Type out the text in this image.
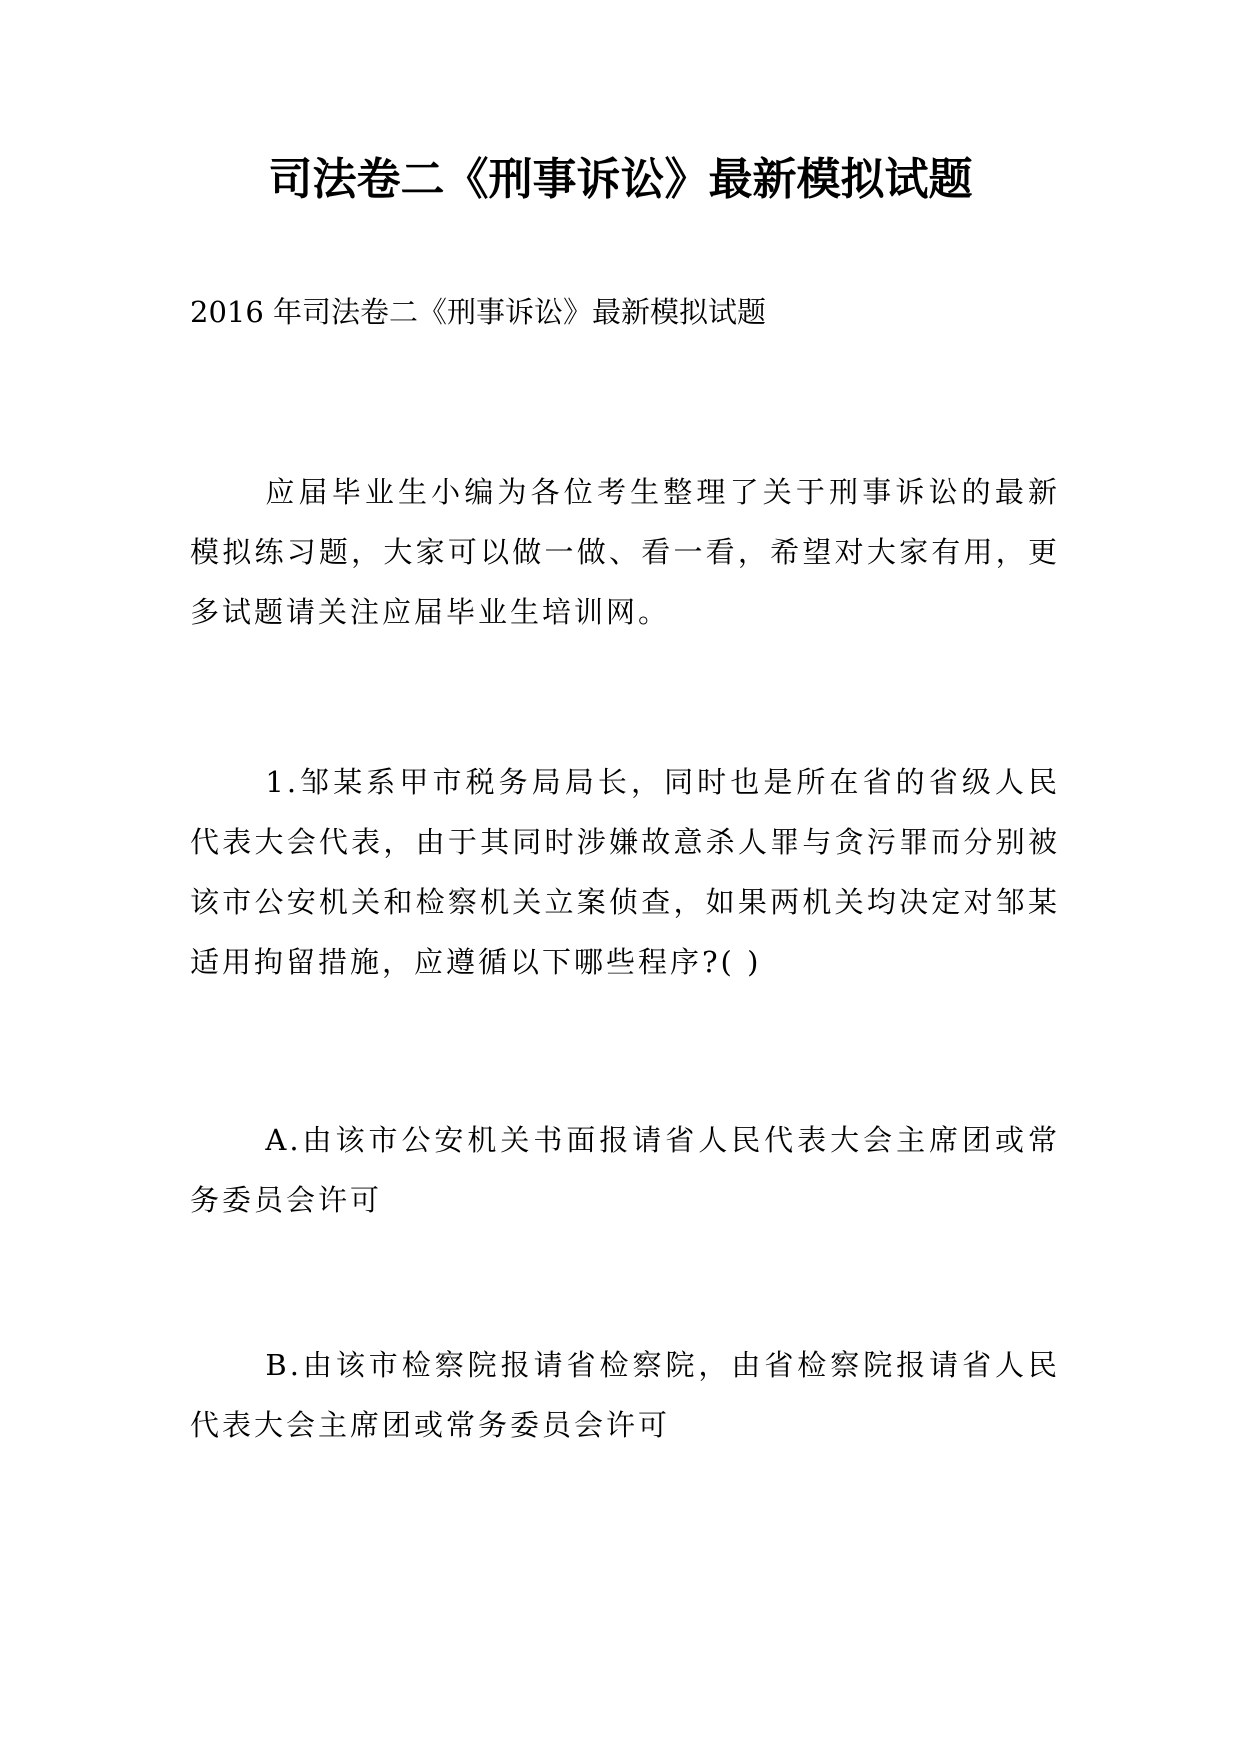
司法卷二《刑事诉讼》最新模拟试题

2016 年司法卷二《刑事诉讼》最新模拟试题

应届毕业生小编为各位考生整理了关于刑事诉讼的最新模拟练习题，大家可以做一做、看一看，希望对大家有用，更多试题请关注应届毕业生培训网。

1.邹某系甲市税务局局长，同时也是所在省的省级人民代表大会代表，由于其同时涉嫌故意杀人罪与贪污罪而分别被该市公安机关和检察机关立案侦查，如果两机关均决定对邹某适用拘留措施，应遵循以下哪些程序?( )

A.由该市公安机关书面报请省人民代表大会主席团或常务委员会许可

B.由该市检察院报请省检察院，由省检察院报请省人民代表大会主席团或常务委员会许可
